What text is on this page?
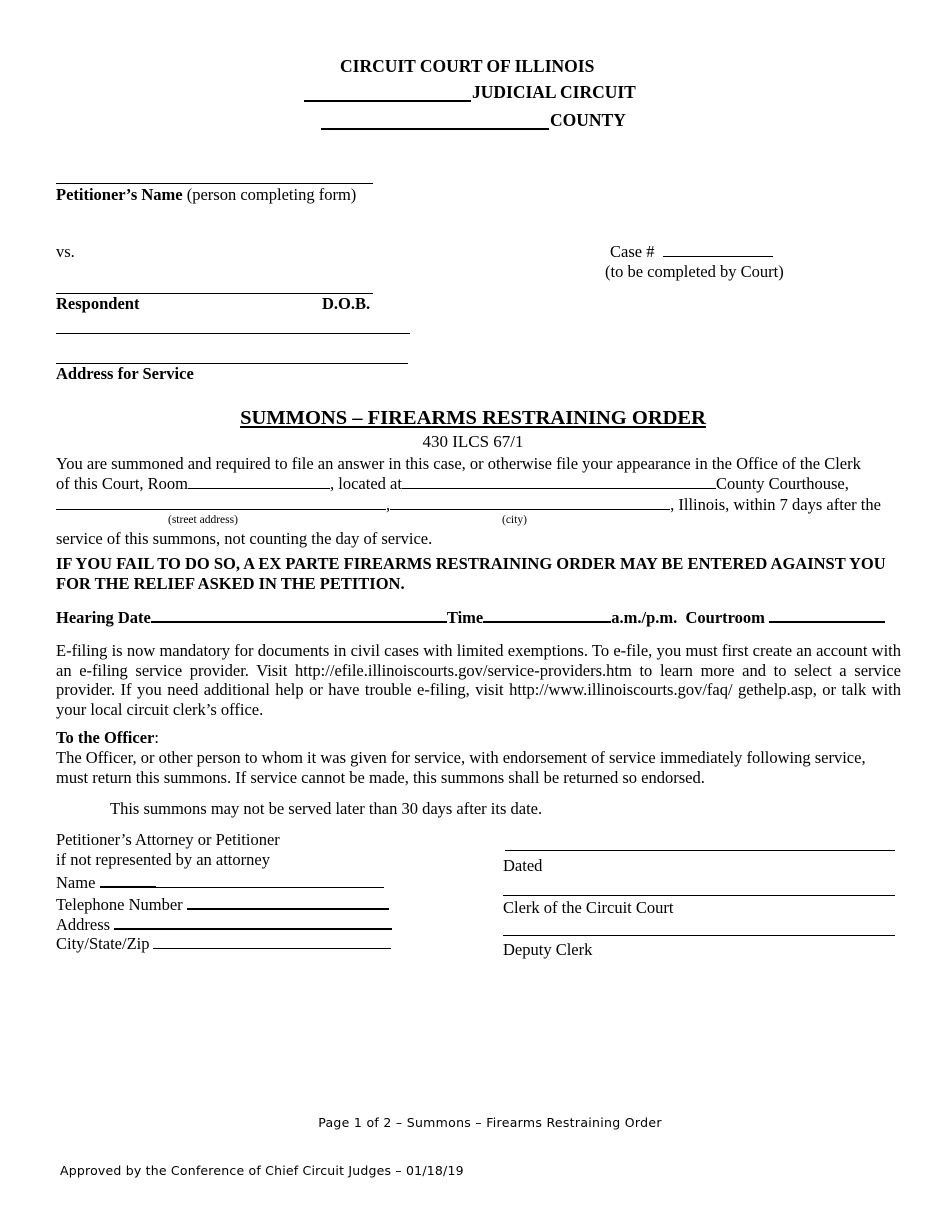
CIRCUIT COURT OF ILLINOIS
JUDICIAL CIRCUIT
COUNTY
Petitioner’s Name (person completing form)
vs.	Case #
(to be completed by Court)
Respondent	D.O.B.
Address for Service
SUMMONS – FIREARMS RESTRAINING ORDER
430 ILCS 67/1
You are summoned and required to file an answer in this case, or otherwise file your appearance in the Office of the Clerk
of this Court, Room	, located at	County Courthouse,
,	, Illinois, within 7 days after the
(street address)	(city)
service of this summons, not counting the day of service.
IF YOU FAIL TO DO SO, A EX PARTE FIREARMS RESTRAINING ORDER MAY BE ENTERED AGAINST YOU FOR THE RELIEF ASKED IN THE PETITION.
Hearing Date	Time	a.m./p.m. Courtroom
E-filing is now mandatory for documents in civil cases with limited exemptions. To e-file, you must first create an account with an e-filing service provider. Visit http://efile.illinoiscourts.gov/service-providers.htm to learn more and to select a service provider. If you need additional help or have trouble e-filing, visit http://www.illinoiscourts.gov/faq/ gethelp.asp, or talk with your local circuit clerk’s office.
To the Officer:
The Officer, or other person to whom it was given for service, with endorsement of service immediately following service, must return this summons. If service cannot be made, this summons shall be returned so endorsed.
This summons may not be served later than 30 days after its date.
Petitioner’s Attorney or Petitioner
if not represented by an attorney
Name
Telephone Number
Address
City/State/Zip
Dated
Clerk of the Circuit Court
Deputy Clerk
Page 1 of 2 – Summons – Firearms Restraining Order
Approved by the Conference of Chief Circuit Judges – 01/18/19
